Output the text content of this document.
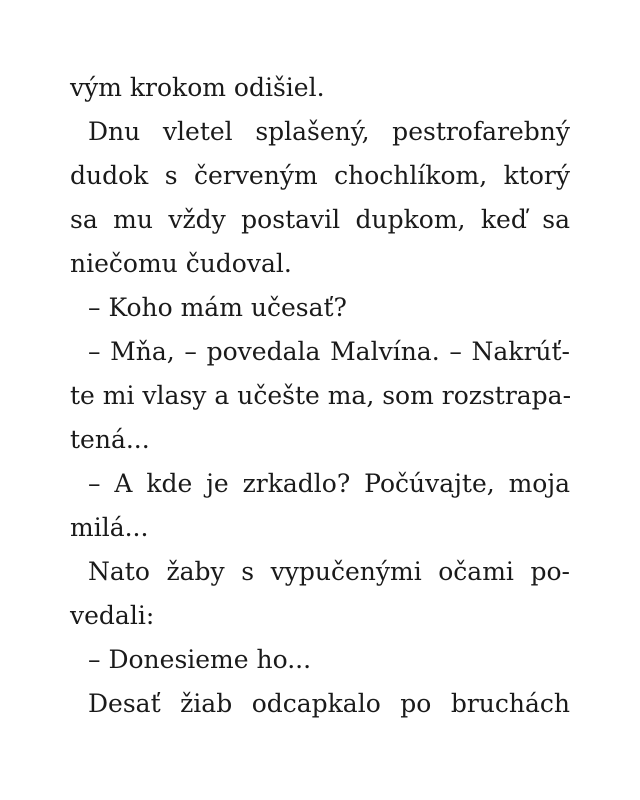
vým krokom odišiel.
Dnu vletel splašený, pestrofarebný
dudok s červeným chochlíkom, ktorý
sa mu vždy postavil dupkom, keď sa
niečomu čudoval.
– Koho mám učesať?
– Mňa, – povedala Malvína. – Nakrúť-
te mi vlasy a učešte ma, som rozstrapa-
tená...
– A kde je zrkadlo? Počúvajte, moja
milá...
Nato žaby s vypučenými očami po-
vedali:
– Donesieme ho...
Desať žiab odcapkalo po bruchách
